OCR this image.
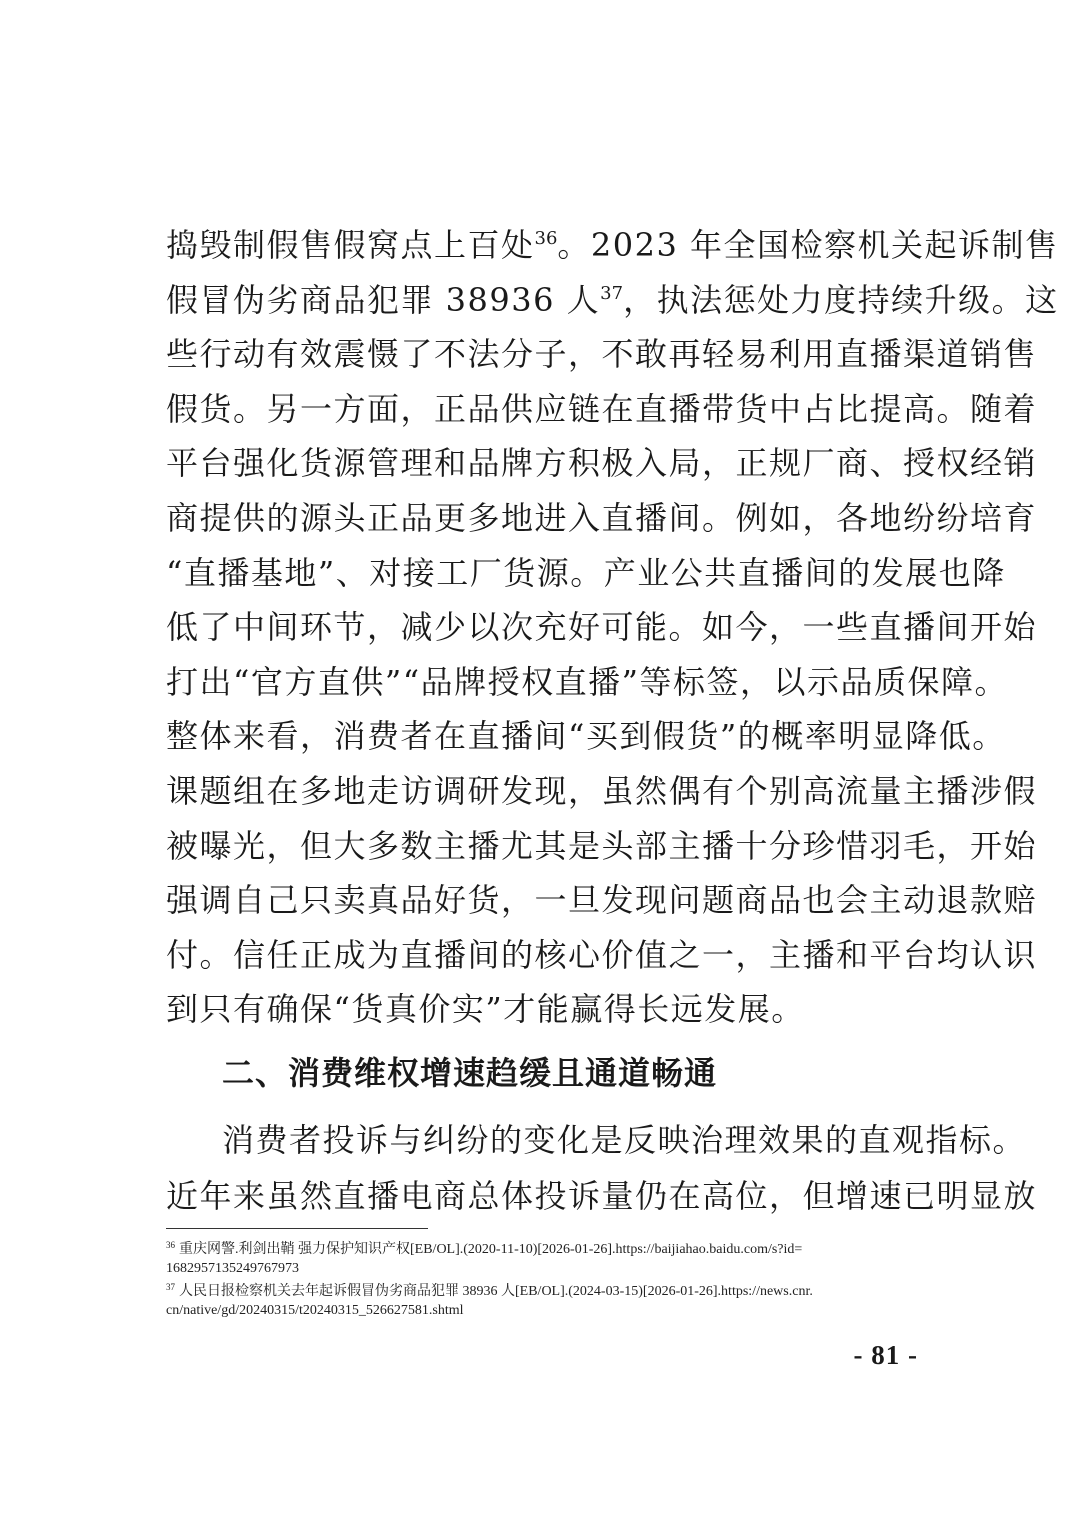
捣毁制假售假窝点上百处$^{36}$。2023 年全国检察机关起诉制售
假冒伪劣商品犯罪 38936 人$^{37}$，执法惩处力度持续升级。这
些行动有效震慑了不法分子，不敢再轻易利用直播渠道销售
假货。另一方面，正品供应链在直播带货中占比提高。随着
平台强化货源管理和品牌方积极入局，正规厂商、授权经销
商提供的源头正品更多地进入直播间。例如，各地纷纷培育
“直播基地”、对接工厂货源。产业公共直播间的发展也降
低了中间环节，减少以次充好可能。如今，一些直播间开始
打出“官方直供”“品牌授权直播”等标签，以示品质保障。
整体来看，消费者在直播间“买到假货”的概率明显降低。
课题组在多地走访调研发现，虽然偶有个别高流量主播涉假
被曝光，但大多数主播尤其是头部主播十分珍惜羽毛，开始
强调自己只卖真品好货，一旦发现问题商品也会主动退款赔
付。信任正成为直播间的核心价值之一，主播和平台均认识
到只有确保“货真价实”才能赢得长远发展。
二、消费维权增速趋缓且通道畅通
消费者投诉与纠纷的变化是反映治理效果的直观指标。
近年来虽然直播电商总体投诉量仍在高位，但增速已明显放
$^{36}$ 重庆网警.利剑出鞘 强力保护知识产权[EB/OL].(2020-11-10)[2026-01-26].https://baijiahao.baidu.com/s?id=
1682957135249767973
$^{37}$ 人民日报检察机关去年起诉假冒伪劣商品犯罪 38936 人[EB/OL].(2024-03-15)[2026-01-26].https://news.cnr.
cn/native/gd/20240315/t20240315_526627581.shtml
- 81 -
